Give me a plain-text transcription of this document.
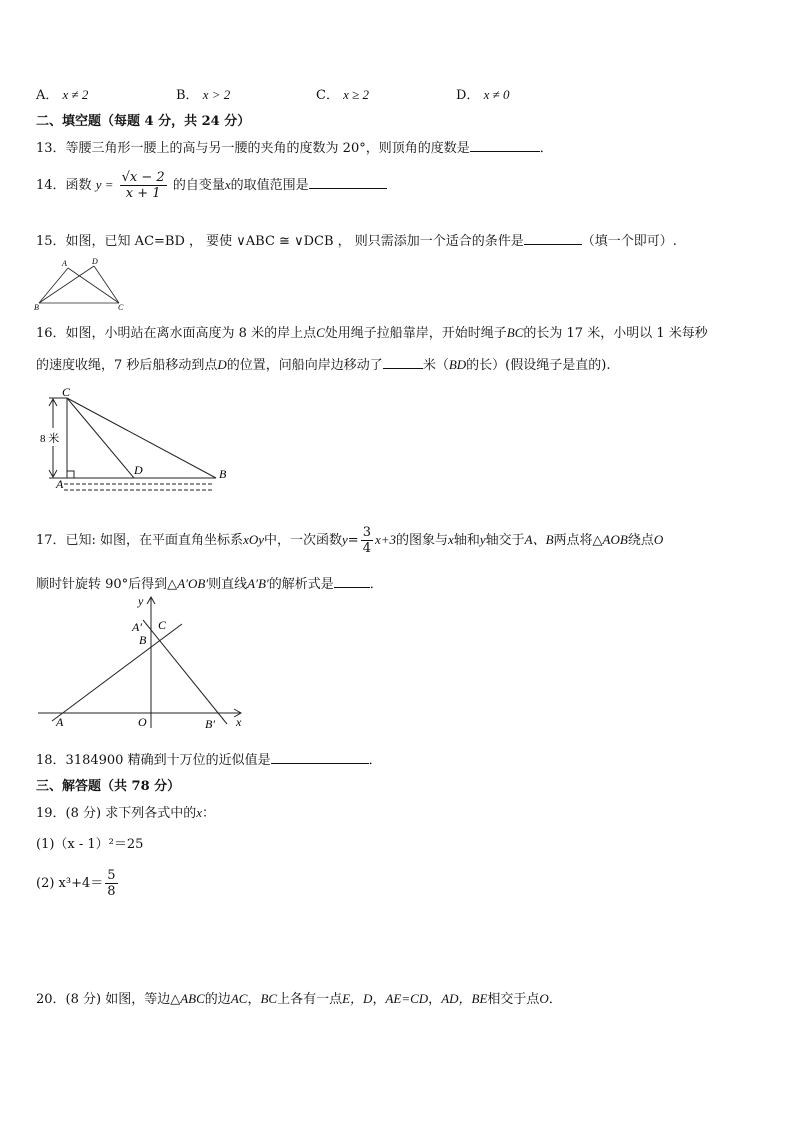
A． x ≠ 2	B． x > 2	C． x ≥ 2	D． x ≠ 0
二、填空题（每题 4 分，共 24 分）
13．等腰三角形一腰上的高与另一腰的夹角的度数为 20°，则顶角的度数是	．
14．函数 $y = \frac{√x - 2}{x + 1}$ 的自变量x的取值范围是
15．如图，已知 AC=BD ， 要使 ∨ABC ≅ ∨DCB ， 则只需添加一个适合的条件是	（填一个即可）.
A	D
B	C
16．如图，小明站在离水面高度为 8 米的岸上点C处用绳子拉船靠岸，开始时绳子BC的长为 17 米，小明以 1 米每秒
的速度收绳，7 秒后船移动到点D的位置，问船向岸边移动了	米（BD的长）(假设绳子是直的).
C
8 米
D
A
B
17．已知: 如图，在平面直角坐标系xOy中，一次函数$y= \frac{3}{4} x+3$的图象与x轴和y轴交于A、B两点将△AOB绕点O
顺时针旋转 90°后得到△A′OB′则直线A′B′的解析式是	．
y
A′ C
B
A	O	B′ x
18．3184900 精确到十万位的近似值是	．
三、解答题（共 78 分）
19．(8 分) 求下列各式中的x：
(1)（x - 1）²＝25
(2) $x^3+4= \frac{5}{8}$
20．(8 分) 如图，等边△ABC的边AC，BC上各有一点E，D，AE=CD，AD，BE相交于点O．
